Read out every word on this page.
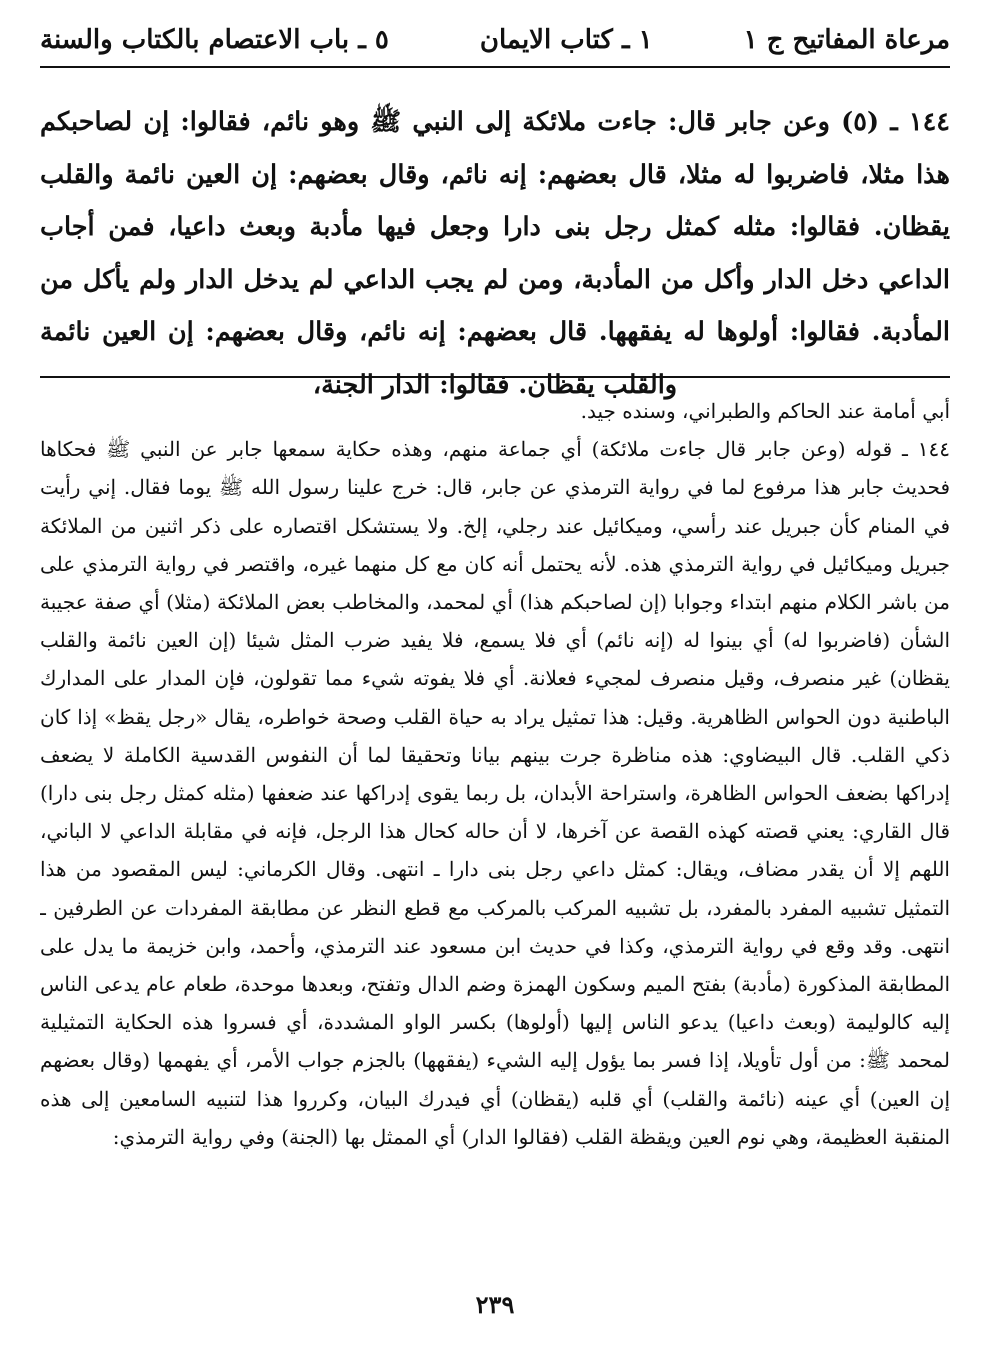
مرعاة المفاتيح ج ١
١ ـ كتاب الايمان
٥ ـ باب الاعتصام بالكتاب والسنة
١٤٤ ـ (٥) وعن جابر قال: جاءت ملائكة إلى النبي ﷺ وهو نائم، فقالوا: إن لصاحبكم هذا مثلا، فاضربوا له مثلا، قال بعضهم: إنه نائم، وقال بعضهم: إن العين نائمة والقلب يقظان. فقالوا: مثله كمثل رجل بنى دارا وجعل فيها مأدبة وبعث داعيا، فمن أجاب الداعي دخل الدار وأكل من المأدبة، ومن لم يجب الداعي لم يدخل الدار ولم يأكل من المأدبة. فقالوا: أولوها له يفقهها. قال بعضهم: إنه نائم، وقال بعضهم: إن العين نائمة والقلب يقظان. فقالوا: الدار الجنة،

أبي أمامة عند الحاكم والطبراني، وسنده جيد.

١٤٤ ـ قوله (وعن جابر قال جاءت ملائكة) أي جماعة منهم، وهذه حكاية سمعها جابر عن النبي ﷺ فحكاها فحديث جابر هذا مرفوع لما في رواية الترمذي عن جابر، قال: خرج علينا رسول الله ﷺ يوما فقال. إني رأيت في المنام كأن جبريل عند رأسي، وميكائيل عند رجلي، إلخ. ولا يستشكل اقتصاره على ذكر اثنين من الملائكة جبريل وميكائيل في رواية الترمذي هذه. لأنه يحتمل أنه كان مع كل منهما غيره، واقتصر في رواية الترمذي على من باشر الكلام منهم ابتداء وجوابا (إن لصاحبكم هذا) أي لمحمد، والمخاطب بعض الملائكة (مثلا) أي صفة عجيبة الشأن (فاضربوا له) أي بينوا له (إنه نائم) أي فلا يسمع، فلا يفيد ضرب المثل شيئا (إن العين نائمة والقلب يقظان) غير منصرف، وقيل منصرف لمجيء فعلانة. أي فلا يفوته شيء مما تقولون، فإن المدار على المدارك الباطنية دون الحواس الظاهرية. وقيل: هذا تمثيل يراد به حياة القلب وصحة خواطره، يقال «رجل يقظ» إذا كان ذكي القلب. قال البيضاوي: هذه مناظرة جرت بينهم بيانا وتحقيقا لما أن النفوس القدسية الكاملة لا يضعف إدراكها بضعف الحواس الظاهرة، واستراحة الأبدان، بل ربما يقوى إدراكها عند ضعفها (مثله كمثل رجل بنى دارا) قال القاري: يعني قصته كهذه القصة عن آخرها، لا أن حاله كحال هذا الرجل، فإنه في مقابلة الداعي لا الباني، اللهم إلا أن يقدر مضاف، ويقال: كمثل داعي رجل بنى دارا ـ انتهى. وقال الكرماني: ليس المقصود من هذا التمثيل تشبيه المفرد بالمفرد، بل تشبيه المركب بالمركب مع قطع النظر عن مطابقة المفردات عن الطرفين ـ انتهى. وقد وقع في رواية الترمذي، وكذا في حديث ابن مسعود عند الترمذي، وأحمد، وابن خزيمة ما يدل على المطابقة المذكورة (مأدبة) بفتح الميم وسكون الهمزة وضم الدال وتفتح، وبعدها موحدة، طعام عام يدعى الناس إليه كالوليمة (وبعث داعيا) يدعو الناس إليها (أولوها) بكسر الواو المشددة، أي فسروا هذه الحكاية التمثيلية لمحمد ﷺ: من أول تأويلا، إذا فسر بما يؤول إليه الشيء (يفقهها) بالجزم جواب الأمر، أي يفهمها (وقال بعضهم إن العين) أي عينه (نائمة والقلب) أي قلبه (يقظان) أي فيدرك البيان، وكرروا هذا لتنبيه السامعين إلى هذه المنقبة العظيمة، وهي نوم العين ويقظة القلب (فقالوا الدار) أي الممثل بها (الجنة) وفي رواية الترمذي:

٢٣٩
